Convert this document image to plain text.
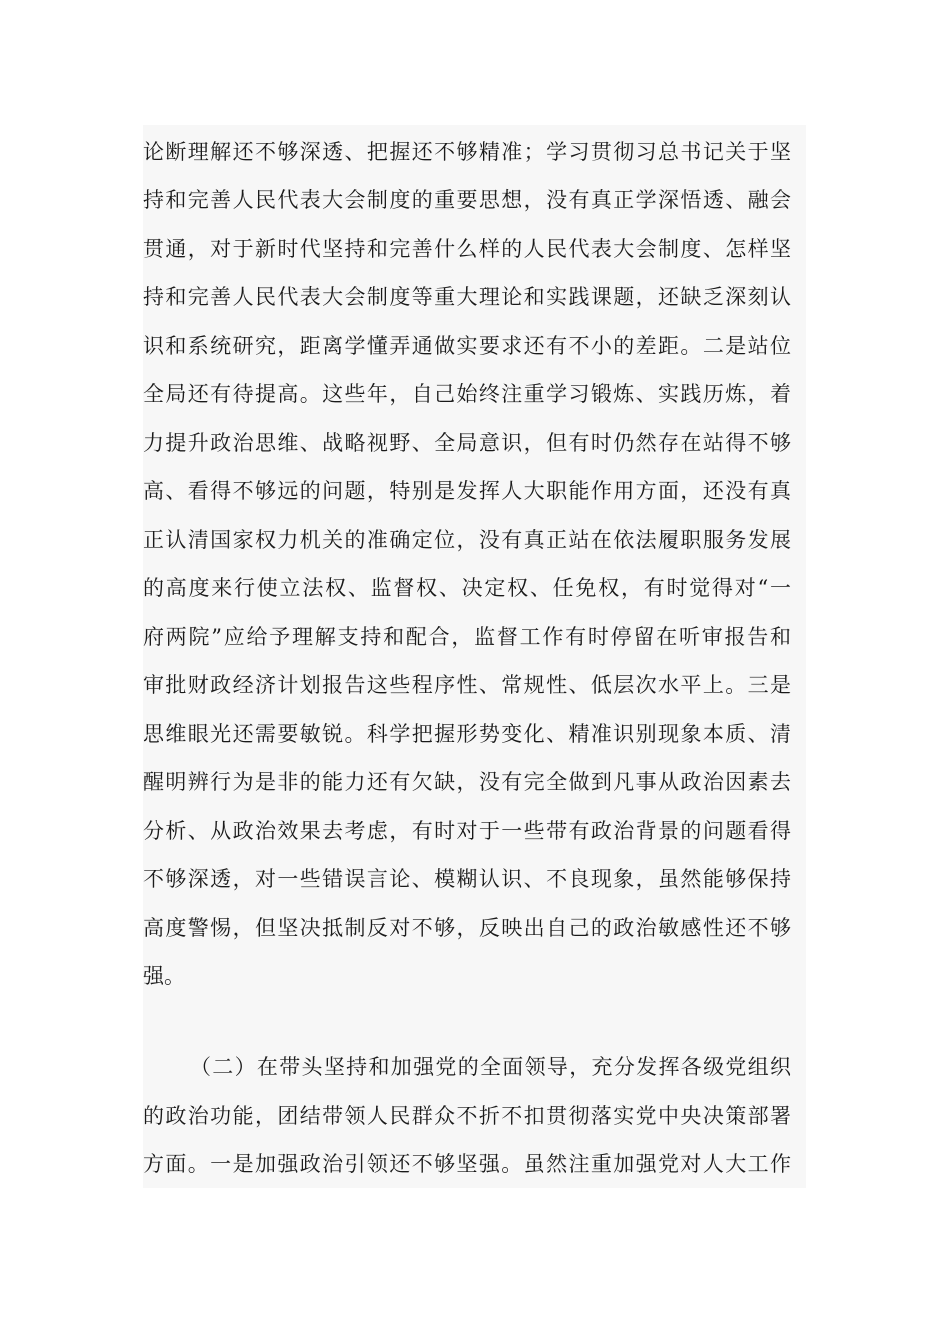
论断理解还不够深透、把握还不够精准；学习贯彻习总书记关于坚
持和完善人民代表大会制度的重要思想，没有真正学深悟透、融会
贯通，对于新时代坚持和完善什么样的人民代表大会制度、怎样坚
持和完善人民代表大会制度等重大理论和实践课题，还缺乏深刻认
识和系统研究，距离学懂弄通做实要求还有不小的差距。二是站位
全局还有待提高。这些年，自己始终注重学习锻炼、实践历炼，着
力提升政治思维、战略视野、全局意识，但有时仍然存在站得不够
高、看得不够远的问题，特别是发挥人大职能作用方面，还没有真
正认清国家权力机关的准确定位，没有真正站在依法履职服务发展
的高度来行使立法权、监督权、决定权、任免权，有时觉得对“一
府两院”应给予理解支持和配合，监督工作有时停留在听审报告和
审批财政经济计划报告这些程序性、常规性、低层次水平上。三是
思维眼光还需要敏锐。科学把握形势变化、精准识别现象本质、清
醒明辨行为是非的能力还有欠缺，没有完全做到凡事从政治因素去
分析、从政治效果去考虑，有时对于一些带有政治背景的问题看得
不够深透，对一些错误言论、模糊认识、不良现象，虽然能够保持
高度警惕，但坚决抵制反对不够，反映出自己的政治敏感性还不够
强。
（二）在带头坚持和加强党的全面领导，充分发挥各级党组织
的政治功能，团结带领人民群众不折不扣贯彻落实党中央决策部署
方面。一是加强政治引领还不够坚强。虽然注重加强党对人大工作
